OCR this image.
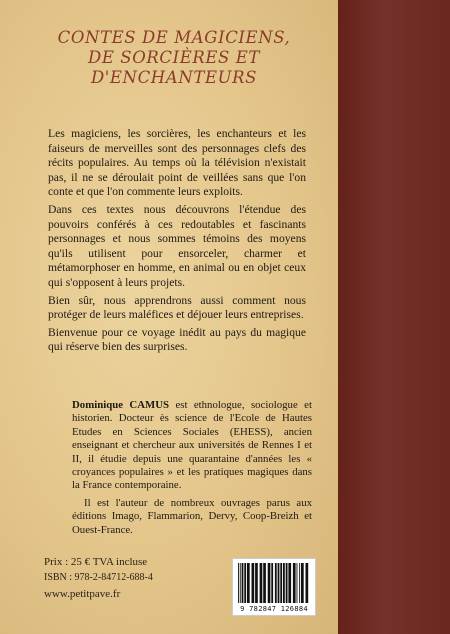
CONTES DE MAGICIENS,
DE SORCIÈRES ET
D'ENCHANTEURS

Les magiciens, les sorcières, les enchanteurs et les faiseurs de merveilles sont des personnages clefs des récits populaires. Au temps où la télévision n'existait pas, il ne se déroulait point de veillées sans que l'on conte et que l'on commente leurs exploits.

Dans ces textes nous découvrons l'étendue des pouvoirs conférés à ces redoutables et fascinants personnages et nous sommes témoins des moyens qu'ils utilisent pour ensorceler, charmer et métamorphoser en homme, en animal ou en objet ceux qui s'opposent à leurs projets.

Bien sûr, nous apprendrons aussi comment nous protéger de leurs maléfices et déjouer leurs entreprises.

Bienvenue pour ce voyage inédit au pays du magique qui réserve bien des surprises.

Dominique CAMUS est ethnologue, sociologue et historien. Docteur ès science de l'Ecole de Hautes Etudes en Sciences Sociales (EHESS), ancien enseignant et chercheur aux universités de Rennes I et II, il étudie depuis une quarantaine d'années les « croyances populaires » et les pratiques magiques dans la France contemporaine.

Il est l'auteur de nombreux ouvrages parus aux éditions Imago, Flammarion, Dervy, Coop-Breizh et Ouest-France.

Prix : 25 € TVA incluse
ISBN : 978-2-84712-688-4
www.petitpave.fr
9 782847 126884
